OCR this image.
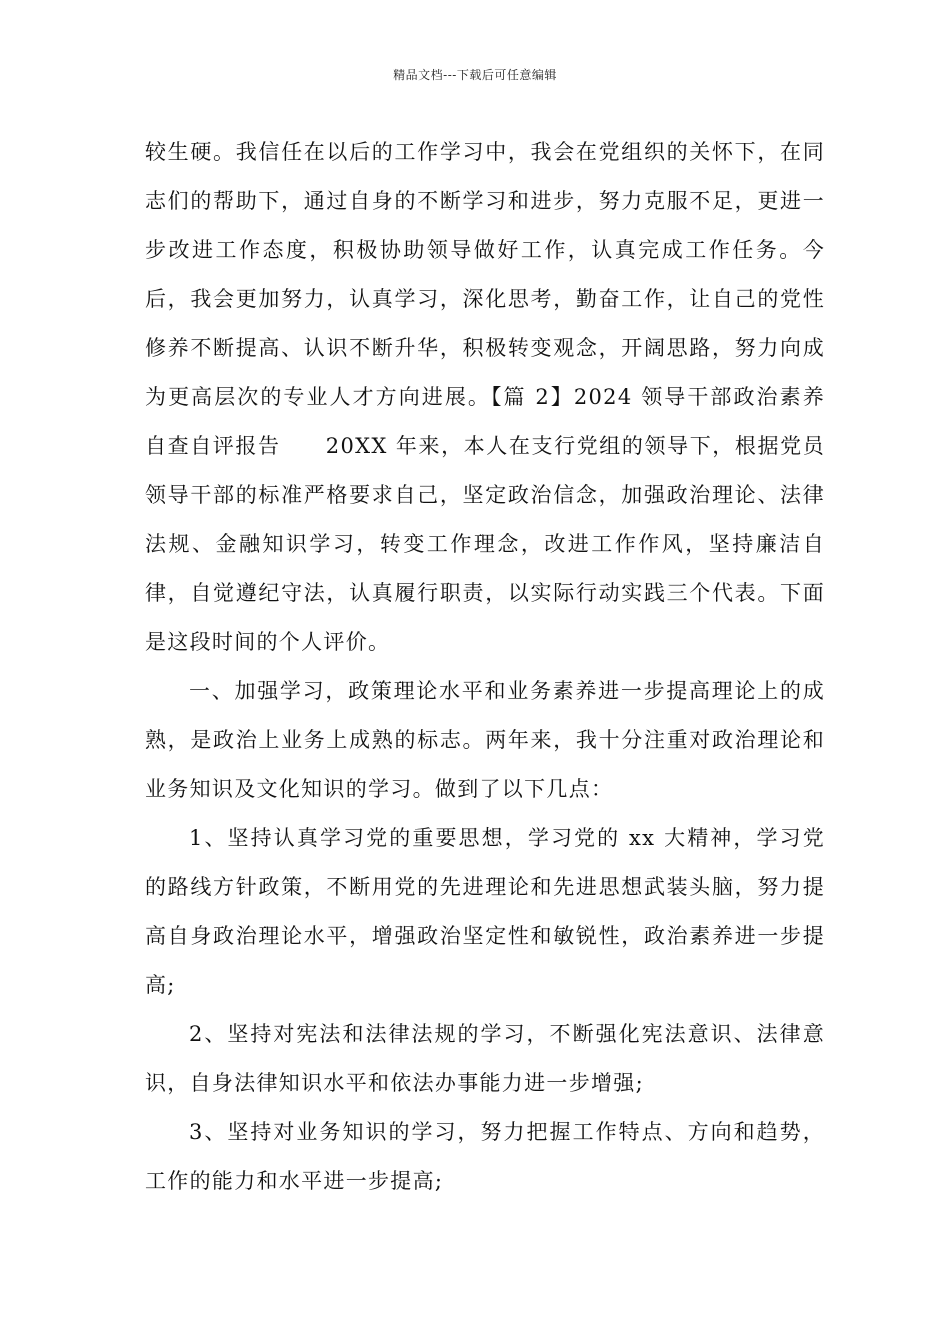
精品文档---下载后可任意编辑

较生硬。我信任在以后的工作学习中，我会在党组织的关怀下，在同志们的帮助下，通过自身的不断学习和进步，努力克服不足，更进一步改进工作态度，积极协助领导做好工作，认真完成工作任务。今后，我会更加努力，认真学习，深化思考，勤奋工作，让自己的党性修养不断提高、认识不断升华，积极转变观念，开阔思路，努力向成为更高层次的专业人才方向进展。【篇 2】2024 领导干部政治素养自查自评报告　　20XX 年来，本人在支行党组的领导下，根据党员领导干部的标准严格要求自己，坚定政治信念，加强政治理论、法律法规、金融知识学习，转变工作理念，改进工作作风，坚持廉洁自律，自觉遵纪守法，认真履行职责，以实际行动实践三个代表。下面是这段时间的个人评价。

一、加强学习，政策理论水平和业务素养进一步提高理论上的成熟，是政治上业务上成熟的标志。两年来，我十分注重对政治理论和业务知识及文化知识的学习。做到了以下几点：

1、坚持认真学习党的重要思想，学习党的 xx 大精神，学习党的路线方针政策，不断用党的先进理论和先进思想武装头脑，努力提高自身政治理论水平，增强政治坚定性和敏锐性，政治素养进一步提高;

2、坚持对宪法和法律法规的学习，不断强化宪法意识、法律意识，自身法律知识水平和依法办事能力进一步增强;

3、坚持对业务知识的学习，努力把握工作特点、方向和趋势，工作的能力和水平进一步提高;
